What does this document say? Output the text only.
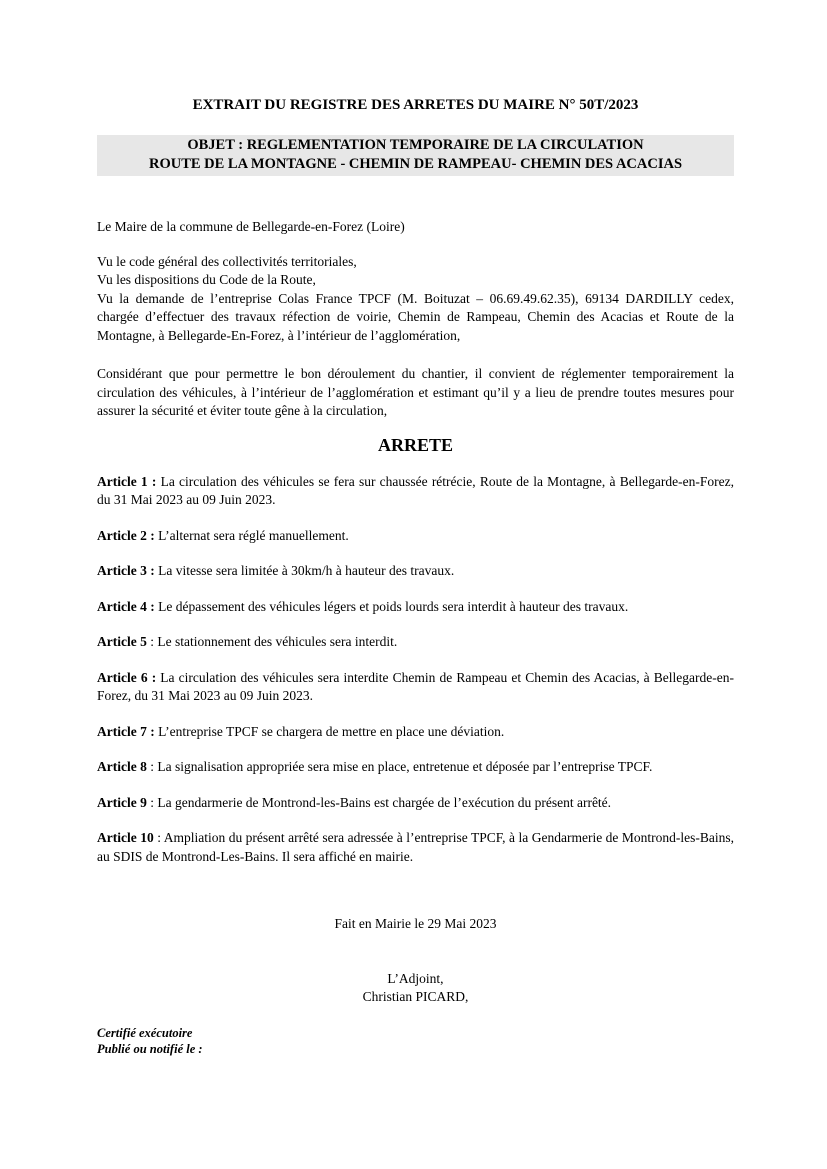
EXTRAIT DU REGISTRE DES ARRETES DU MAIRE N° 50T/2023
OBJET : REGLEMENTATION TEMPORAIRE DE LA CIRCULATION
ROUTE DE LA MONTAGNE - CHEMIN DE RAMPEAU- CHEMIN DES ACACIAS
Le Maire de la commune de Bellegarde-en-Forez (Loire)
Vu le code général des collectivités territoriales,
Vu les dispositions du Code de la Route,
Vu la demande de l’entreprise Colas France TPCF (M. Boituzat – 06.69.49.62.35), 69134 DARDILLY cedex, chargée d’effectuer des travaux réfection de voirie, Chemin de Rampeau, Chemin des Acacias et Route de la Montagne, à Bellegarde-En-Forez, à l’intérieur de l’agglomération,
Considérant que pour permettre le bon déroulement du chantier, il convient de réglementer temporairement la circulation des véhicules, à l’intérieur de l’agglomération et estimant qu’il y a lieu de prendre toutes mesures pour assurer la sécurité et éviter toute gêne à la circulation,
ARRETE
Article 1 : La circulation des véhicules se fera sur chaussée rétrécie, Route de la Montagne, à Bellegarde-en-Forez, du 31 Mai 2023 au 09 Juin 2023.
Article 2 : L’alternat sera réglé manuellement.
Article 3 : La vitesse sera limitée à 30km/h à hauteur des travaux.
Article 4 : Le dépassement des véhicules légers et poids lourds sera interdit à hauteur des travaux.
Article 5 : Le stationnement des véhicules sera interdit.
Article 6 : La circulation des véhicules sera interdite Chemin de Rampeau et Chemin des Acacias, à Bellegarde-en-Forez, du 31 Mai 2023 au 09 Juin 2023.
Article 7 : L’entreprise TPCF se chargera de mettre en place une déviation.
Article 8 : La signalisation appropriée sera mise en place, entretenue et déposée par l’entreprise TPCF.
Article 9 : La gendarmerie de Montrond-les-Bains est chargée de l’exécution du présent arrêté.
Article 10 : Ampliation du présent arrêté sera adressée à l’entreprise TPCF, à la Gendarmerie de Montrond-les-Bains, au SDIS de Montrond-Les-Bains. Il sera affiché en mairie.
Fait en Mairie le 29 Mai 2023
L’Adjoint,
Christian PICARD,
Certifié exécutoire
Publié ou notifié le :
